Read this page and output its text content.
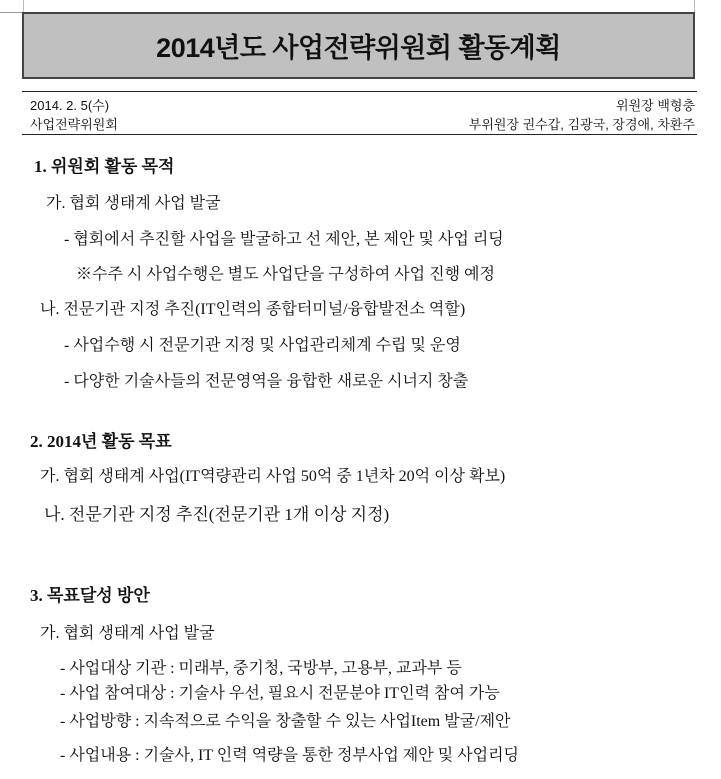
2014년도 사업전략위원회 활동계획
2014. 2. 5(수)
사업전략위원회
위원장 백형충
부위원장 권수갑, 김광국, 장경애, 차환주
1. 위원회 활동 목적
가. 협회 생태계 사업 발굴
- 협회에서 추진할 사업을 발굴하고 선 제안, 본 제안 및 사업 리딩
※수주 시 사업수행은 별도 사업단을 구성하여 사업 진행 예정
나. 전문기관 지정 추진(IT인력의 종합터미널/융합발전소 역할)
- 사업수행 시 전문기관 지정 및 사업관리체계 수립 및 운영
- 다양한 기술사들의 전문영역을 융합한 새로운 시너지 창출
2. 2014년 활동 목표
가. 협회 생태계 사업(IT역량관리 사업 50억 중 1년차 20억 이상 확보)
나. 전문기관 지정 추진(전문기관 1개 이상 지정)
3. 목표달성 방안
가. 협회 생태계 사업 발굴
- 사업대상 기관 : 미래부, 중기청, 국방부, 고용부, 교과부 등
- 사업 참여대상 : 기술사 우선, 필요시 전문분야 IT인력 참여 가능
- 사업방향 : 지속적으로 수익을 창출할 수 있는 사업Item 발굴/제안
- 사업내용 : 기술사, IT 인력 역량을 통한 정부사업 제안 및 사업리딩
